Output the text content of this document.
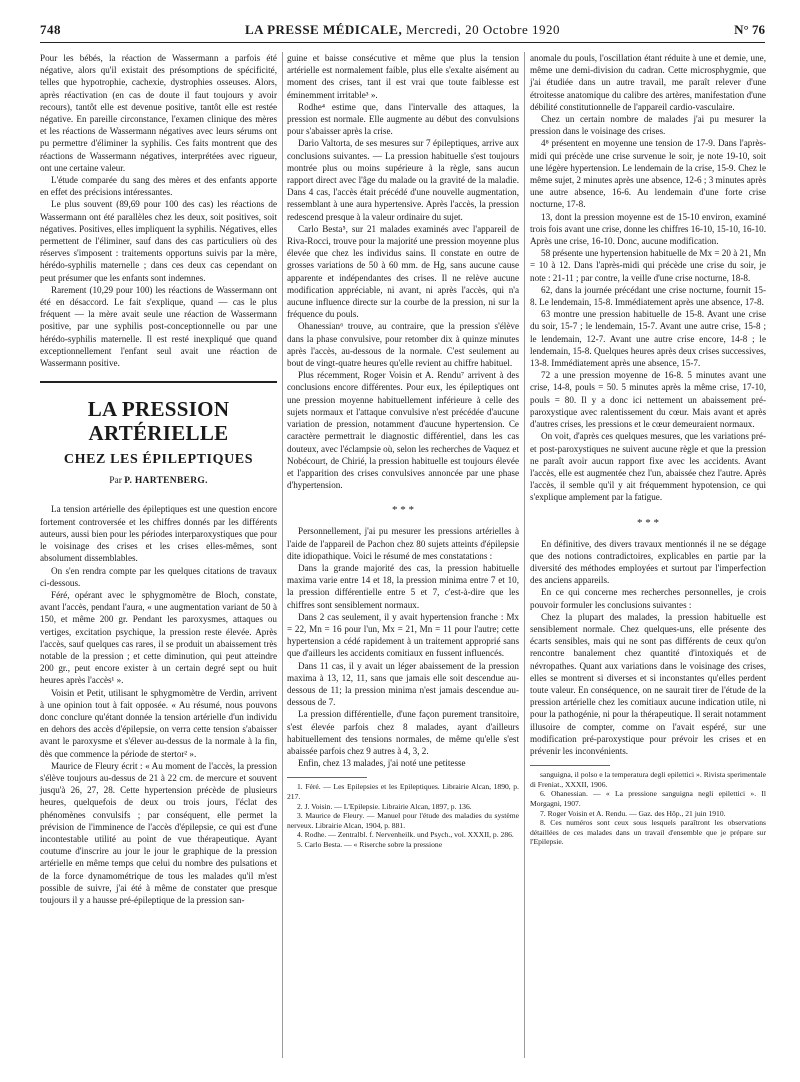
748	LA PRESSE MÉDICALE, Mercredi, 20 Octobre 1920	N° 76

Pour les bébés, la réaction de Wassermann a parfois été négative, alors qu'il existait des présomptions de spécificité, telles que hypotrophie, cachexie, dystrophies osseuses. Alors, après réactivation (en cas de doute il faut toujours y avoir recours), tantôt elle est devenue positive, tantôt elle est restée négative. En pareille circonstance, l'examen clinique des mères et les réactions de Wassermann négatives avec leurs sérums ont pu permettre d'éliminer la syphilis. Ces faits montrent que des réactions de Wassermann négatives, interprétées avec rigueur, ont une certaine valeur.

L'étude comparée du sang des mères et des enfants apporte en effet des précisions intéressantes.

Le plus souvent (89,69 pour 100 des cas) les réactions de Wassermann ont été parallèles chez les deux, soit positives, soit négatives. Positives, elles impliquent la syphilis. Négatives, elles permettent de l'éliminer, sauf dans des cas particuliers où des réserves s'imposent : traitements opportuns suivis par la mère, hérédo-syphilis maternelle ; dans ces deux cas cependant on peut présumer que les enfants sont indemnes.

Rarement (10,29 pour 100) les réactions de Wassermann ont été en désaccord. Le fait s'explique, quand — cas le plus fréquent — la mère avait seule une réaction de Wassermann positive, par une syphilis post-conceptionnelle ou par une hérédo-syphilis maternelle. Il est resté inexpliqué que quand exceptionnellement l'enfant seul avait une réaction de Wassermann positive.

LA PRESSION ARTÉRIELLE
CHEZ LES ÉPILEPTIQUES
Par P. HARTENBERG.

La tension artérielle des épileptiques est une question encore fortement controversée et les chiffres donnés par les différents auteurs, aussi bien pour les périodes interparoxystiques que pour le voisinage des crises et les crises elles-mêmes, sont absolument dissemblables.

On s'en rendra compte par les quelques citations de travaux ci-dessous.

Féré, opérant avec le sphygmomètre de Bloch, constate, avant l'accès, pendant l'aura, « une augmentation variant de 50 à 150, et même 200 gr. Pendant les paroxysmes, attaques ou vertiges, excitation psychique, la pression reste élevée. Après l'accès, sauf quelques cas rares, il se produit un abaissement très notable de la pression ; et cette diminution, qui peut atteindre 200 gr., peut encore exister à un certain degré sept ou huit heures après l'accès¹ ».

Voisin et Petit, utilisant le sphygmomètre de Verdin, arrivent à une opinion tout à fait opposée. « Au résumé, nous pouvons donc conclure qu'étant donnée la tension artérielle d'un individu en dehors des accès d'épilepsie, on verra cette tension s'abaisser avant le paroxysme et s'élever au-dessus de la normale à la fin, dès que commence la période de stertor² ».

Maurice de Fleury écrit : « Au moment de l'accès, la pression s'élève toujours au-dessus de 21 à 22 cm. de mercure et souvent jusqu'à 26, 27, 28. Cette hypertension précède de plusieurs heures, quelquefois de deux ou trois jours, l'éclat des phénomènes convulsifs ; par conséquent, elle permet la prévision de l'imminence de l'accès d'épilepsie, ce qui est d'une incontestable utilité au point de vue thérapeutique. Ayant coutume d'inscrire au jour le jour le graphique de la pression artérielle en même temps que celui du nombre des pulsations et de la force dynamométrique de tous les malades qu'il m'est possible de suivre, j'ai été à même de constater que presque toujours il y a hausse pré-épileptique de la pression san-

guine et baisse consécutive et même que plus la tension artérielle est normalement faible, plus elle s'exalte aisément au moment des crises, tant il est vrai que toute faiblesse est éminemment irritable³ ».

Rodhe⁴ estime que, dans l'intervalle des attaques, la pression est normale. Elle augmente au début des convulsions pour s'abaisser après la crise.

Dario Valtorta, de ses mesures sur 7 épileptiques, arrive aux conclusions suivantes. — La pression habituelle s'est toujours montrée plus ou moins supérieure à la règle, sans aucun rapport direct avec l'âge du malade ou la gravité de la maladie. Dans 4 cas, l'accès était précédé d'une nouvelle augmentation, ressemblant à une aura hypertensive. Après l'accès, la pression redescend presque à la valeur ordinaire du sujet.

Carlo Besta⁵, sur 21 malades examinés avec l'appareil de Riva-Rocci, trouve pour la majorité une pression moyenne plus élevée que chez les individus sains. Il constate en outre de grosses variations de 50 à 60 mm. de Hg, sans aucune cause apparente et indépendantes des crises. Il ne relève aucune modification appréciable, ni avant, ni après l'accès, qui n'a aucune influence directe sur la courbe de la pression, ni sur la fréquence du pouls.

Ohanessian⁶ trouve, au contraire, que la pression s'élève dans la phase convulsive, pour retomber dix à quinze minutes après l'accès, au-dessous de la normale. C'est seulement au bout de vingt-quatre heures qu'elle revient au chiffre habituel.

Plus récemment, Roger Voisin et A. Rendu⁷ arrivent à des conclusions encore différentes. Pour eux, les épileptiques ont une pression moyenne habituellement inférieure à celle des sujets normaux et l'attaque convulsive n'est précédée d'aucune variation de pression, notamment d'aucune hypertension. Ce caractère permettrait le diagnostic différentiel, dans les cas douteux, avec l'éclampsie où, selon les recherches de Vaquez et Nobécourt, de Chirié, la pression habituelle est toujours élevée et l'apparition des crises convulsives annoncée par une phase d'hypertension.

* * *

Personnellement, j'ai pu mesurer les pressions artérielles à l'aide de l'appareil de Pachon chez 80 sujets atteints d'épilepsie dite idiopathique. Voici le résumé de mes constatations :

Dans la grande majorité des cas, la pression habituelle maxima varie entre 14 et 18, la pression minima entre 7 et 10, la pression différentielle entre 5 et 7, c'est-à-dire que les chiffres sont sensiblement normaux.

Dans 2 cas seulement, il y avait hypertension franche : Mx = 22, Mn = 16 pour l'un, Mx = 21, Mn = 11 pour l'autre; cette hypertension a cédé rapidement à un traitement approprié sans que d'ailleurs les accidents comitiaux en fussent influencés.

Dans 11 cas, il y avait un léger abaissement de la pression maxima à 13, 12, 11, sans que jamais elle soit descendue au-dessous de 11; la pression minima n'est jamais descendue au-dessous de 7.

La pression différentielle, d'une façon purement transitoire, s'est élevée parfois chez 8 malades, ayant d'ailleurs habituellement des tensions normales, de même qu'elle s'est abaissée parfois chez 9 autres à 4, 3, 2.

Enfin, chez 13 malades, j'ai noté une petitesse

1. Féré. — Les Epilepsies et les Epileptiques. Librairie Alcan, 1890, p. 217.

2. J. Voisin. — L'Epilepsie. Librairie Alcan, 1897, p. 136.

3. Maurice de Fleury. — Manuel pour l'étude des maladies du système nerveux. Librairie Alcan, 1904, p. 881.

4. Rodhe. — Zentralbl. f. Nervenheilk. und Psych., vol. XXXII, p. 286.

5. Carlo Besta. — « Riserche sobre la pressione

anomale du pouls, l'oscillation étant réduite à une et demie, une, même une demi-division du cadran. Cette microsphygmie, que j'ai étudiée dans un autre travail, me paraît relever d'une étroitesse anatomique du calibre des artères, manifestation d'une débilité constitutionnelle de l'appareil cardio-vasculaire.

Chez un certain nombre de malades j'ai pu mesurer la pression dans le voisinage des crises.

4⁸ présentent en moyenne une tension de 17-9. Dans l'après-midi qui précède une crise survenue le soir, je note 19-10, soit une légère hypertension. Le lendemain de la crise, 15-9. Chez le même sujet, 2 minutes après une absence, 12-6 ; 3 minutes après une autre absence, 16-6. Au lendemain d'une forte crise nocturne, 17-8.

13, dont la pression moyenne est de 15-10 environ, examiné trois fois avant une crise, donne les chiffres 16-10, 15-10, 16-10. Après une crise, 16-10. Donc, aucune modification.

58 présente une hypertension habituelle de Mx = 20 à 21, Mn = 10 à 12. Dans l'après-midi qui précède une crise du soir, je note : 21-11 ; par contre, la veille d'une crise nocturne, 18-8.

62, dans la journée précédant une crise nocturne, fournit 15-8. Le lendemain, 15-8. Immédiatement après une absence, 17-8.

63 montre une pression habituelle de 15-8. Avant une crise du soir, 15-7 ; le lendemain, 15-7. Avant une autre crise, 15-8 ; le lendemain, 12-7. Avant une autre crise encore, 14-8 ; le lendemain, 15-8. Quelques heures après deux crises successives, 13-8. Immédiatement après une absence, 15-7.

72 a une pression moyenne de 16-8. 5 minutes avant une crise, 14-8, pouls = 50. 5 minutes après la même crise, 17-10, pouls = 80. Il y a donc ici nettement un abaissement pré-paroxystique avec ralentissement du cœur. Mais avant et après d'autres crises, les pressions et le cœur demeuraient normaux.

On voit, d'après ces quelques mesures, que les variations pré- et post-paroxystiques ne suivent aucune règle et que la pression ne paraît avoir aucun rapport fixe avec les accidents. Avant l'accès, elle est augmentée chez l'un, abaissée chez l'autre. Après l'accès, il semble qu'il y ait fréquemment hypotension, ce qui s'explique amplement par la fatigue.

* * *

En définitive, des divers travaux mentionnés il ne se dégage que des notions contradictoires, explicables en partie par la diversité des méthodes employées et surtout par l'imperfection des anciens appareils.

En ce qui concerne mes recherches personnelles, je crois pouvoir formuler les conclusions suivantes :

Chez la plupart des malades, la pression habituelle est sensiblement normale. Chez quelques-uns, elle présente des écarts sensibles, mais qui ne sont pas différents de ceux qu'on rencontre banalement chez quantité d'intoxiqués et de névropathes. Quant aux variations dans le voisinage des crises, elles se montrent si diverses et si inconstantes qu'elles perdent toute valeur. En conséquence, on ne saurait tirer de l'étude de la pression artérielle chez les comitiaux aucune indication utile, ni pour la pathogénie, ni pour la thérapeutique. Il serait notamment illusoire de compter, comme on l'avait espéré, sur une modification pré-paroxystique pour prévoir les crises et en prévenir les inconvénients.

sanguigna, il polso e la temperatura degli epilettici ». Rivista sperimentale di Freniat., XXXII, 1906.

6. Ohanessian. — « La pressione sanguigna negli epilettici ». Il Morgagni, 1907.

7. Roger Voisin et A. Rendu. — Gaz. des Hôp., 21 juin 1910.

8. Ces numéros sont ceux sous lesquels paraîtront les observations détaillées de ces malades dans un travail d'ensemble que je prépare sur l'Epilepsie.
